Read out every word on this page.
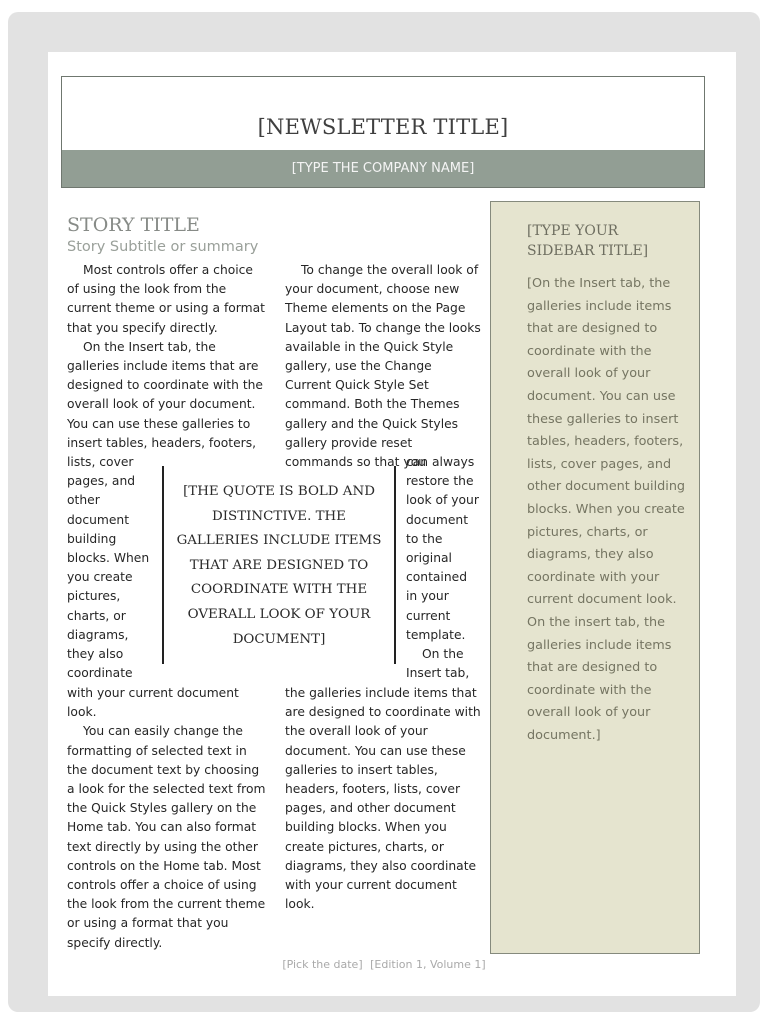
[NEWSLETTER TITLE]
[TYPE THE COMPANY NAME]
STORY TITLE
Story Subtitle or summary

Most controls offer a choice of using the look from the current theme or using a format that you specify directly.

On the Insert tab, the galleries include items that are designed to coordinate with the overall look of your document. You can use these galleries to insert tables, headers, footers,

lists, cover pages, and other document building blocks. When you create pictures, charts, or diagrams, they also coordinate

with your current document look.

You can easily change the formatting of selected text in the document text by choosing a look for the selected text from the Quick Styles gallery on the Home tab. You can also format text directly by using the other controls on the Home tab. Most controls offer a choice of using the look from the current theme or using a format that you specify directly.

To change the overall look of your document, choose new Theme elements on the Page Layout tab. To change the looks available in the Quick Style gallery, use the Change Current Quick Style Set command. Both the Themes gallery and the Quick Styles gallery provide reset commands so that you

can always restore the look of your document to the original contained in your current template.

On the Insert tab,

the galleries include items that are designed to coordinate with the overall look of your document. You can use these galleries to insert tables, headers, footers, lists, cover pages, and other document building blocks. When you create pictures, charts, or diagrams, they also coordinate with your current document look.

[THE QUOTE IS BOLD AND DISTINCTIVE. THE GALLERIES INCLUDE ITEMS THAT ARE DESIGNED TO COORDINATE WITH THE OVERALL LOOK OF YOUR DOCUMENT]
[TYPE YOUR SIDEBAR TITLE]
[On the Insert tab, the galleries include items that are designed to coordinate with the overall look of your document. You can use these galleries to insert tables, headers, footers, lists, cover pages, and other document building blocks. When you create pictures, charts, or diagrams, they also coordinate with your current document look. On the insert tab, the galleries include items that are designed to coordinate with the overall look of your document.]
[Pick the date] [Edition 1, Volume 1]
